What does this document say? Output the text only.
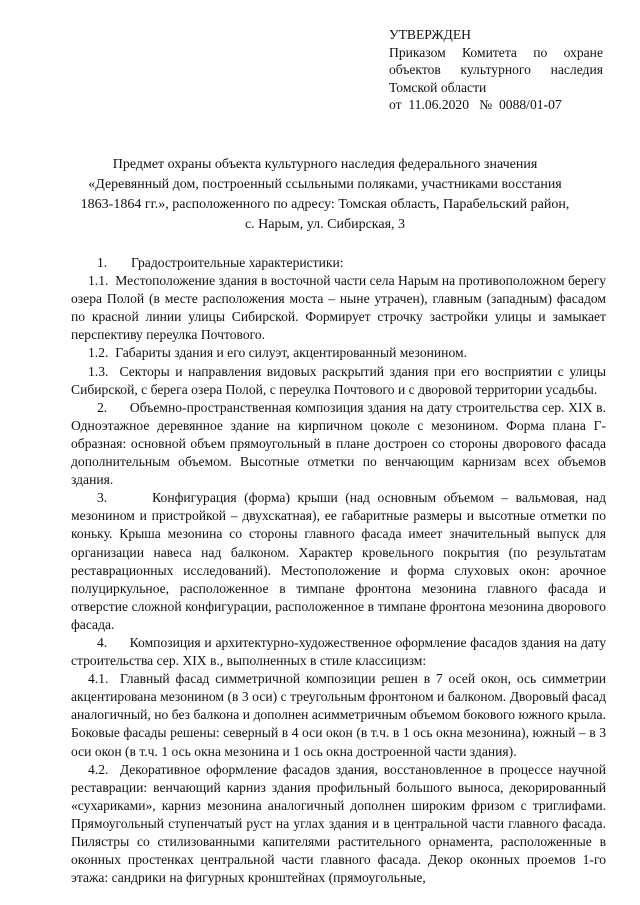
УТВЕРЖДЕН
Приказом Комитета по охране
объектов культурного наследия
Томской области
от  11.06.2020   №  0088/01-07
Предмет охраны объекта культурного наследия федерального значения
«Деревянный дом, построенный ссыльными поляками, участниками восстания
1863-1864 гг.», расположенного по адресу: Томская область, Парабельский район,
с. Нарым, ул. Сибирская, 3

1. Градостроительные характеристики:

1.1. Местоположение здания в восточной части села Нарым на противоположном берегу озера Полой (в месте расположения моста – ныне утрачен), главным (западным) фасадом по красной линии улицы Сибирской. Формирует строчку застройки улицы и замыкает перспективу переулка Почтового.

1.2. Габариты здания и его силуэт, акцентированный мезонином.

1.3. Секторы и направления видовых раскрытий здания при его восприятии с улицы Сибирской, с берега озера Полой, с переулка Почтового и с дворовой территории усадьбы.

2. Объемно-пространственная композиция здания на дату строительства сер. XIX в. Одноэтажное деревянное здание на кирпичном цоколе с мезонином. Форма плана Г- образная: основной объем прямоугольный в плане достроен со стороны дворового фасада дополнительным объемом. Высотные отметки по венчающим карнизам всех объемов здания.

3.	Конфигурация (форма) крыши (над основным объемом – вальмовая, над мезонином и пристройкой – двухскатная), ее габаритные размеры и высотные отметки по коньку. Крыша мезонина со стороны главного фасада имеет значительный выпуск для организации навеса над балконом. Характер кровельного покрытия (по результатам реставрационных исследований). Местоположение и форма слуховых окон: арочное полуциркульное, расположенное в тимпане фронтона мезонина главного фасада и отверстие сложной конфигурации, расположенное в тимпане фронтона мезонина дворового фасада.

4. Композиция и архитектурно-художественное оформление фасадов здания на дату строительства сер. XIX в., выполненных в стиле классицизм:

4.1. Главный фасад симметричной композиции решен в 7 осей окон, ось симметрии акцентирована мезонином (в 3 оси) с треугольным фронтоном и балконом. Дворовый фасад аналогичный, но без балкона и дополнен асимметричным объемом бокового южного крыла. Боковые фасады решены: северный в 4 оси окон (в т.ч. в 1 ось окна мезонина), южный – в 3 оси окон (в т.ч. 1 ось окна мезонина и 1 ось окна достроенной части здания).

4.2. Декоративное оформление фасадов здания, восстановленное в процессе научной реставрации: венчающий карниз здания профильный большого выноса, декорированный «сухариками», карниз мезонина аналогичный дополнен широким фризом с триглифами. Прямоугольный ступенчатый руст на углах здания и в центральной части главного фасада. Пилястры со стилизованными капителями растительного орнамента, расположенные в оконных простенках центральной части главного фасада. Декор оконных проемов 1-го этажа: сандрики на фигурных кронштейнах (прямоугольные,
